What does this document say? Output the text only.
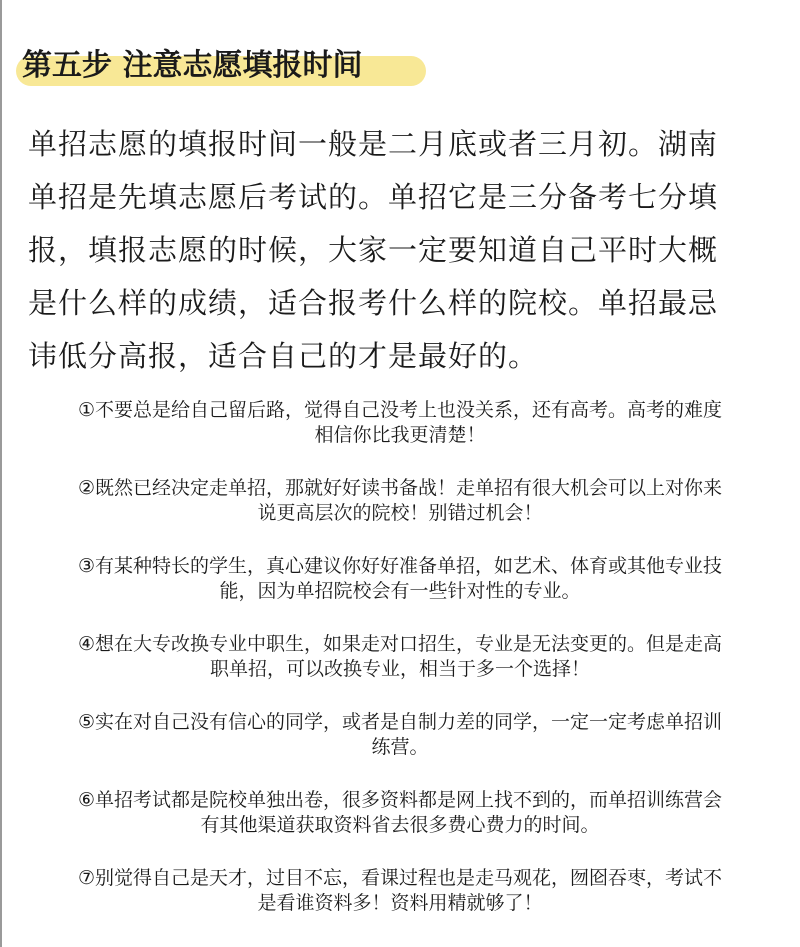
第五步 注意志愿填报时间
单招志愿的填报时间一般是二月底或者三月初。湖南
单招是先填志愿后考试的。单招它是三分备考七分填
报，填报志愿的时候，大家一定要知道自己平时大概
是什么样的成绩，适合报考什么样的院校。单招最忌
讳低分高报，适合自己的才是最好的。
①不要总是给自己留后路，觉得自己没考上也没关系，还有高考。高考的难度
相信你比我更清楚！
②既然已经决定走单招，那就好好读书备战！走单招有很大机会可以上对你来
说更高层次的院校！别错过机会！
③有某种特长的学生，真心建议你好好准备单招，如艺术、体育或其他专业技
能，因为单招院校会有一些针对性的专业。
④想在大专改换专业中职生，如果走对口招生，专业是无法变更的。但是走高
职单招，可以改换专业，相当于多一个选择！
⑤实在对自己没有信心的同学，或者是自制力差的同学，一定一定考虑单招训
练营。
⑥单招考试都是院校单独出卷，很多资料都是网上找不到的，而单招训练营会
有其他渠道获取资料省去很多费心费力的时间。
⑦别觉得自己是天才，过目不忘，看课过程也是走马观花，囫囵吞枣，考试不
是看谁资料多！资料用精就够了！
